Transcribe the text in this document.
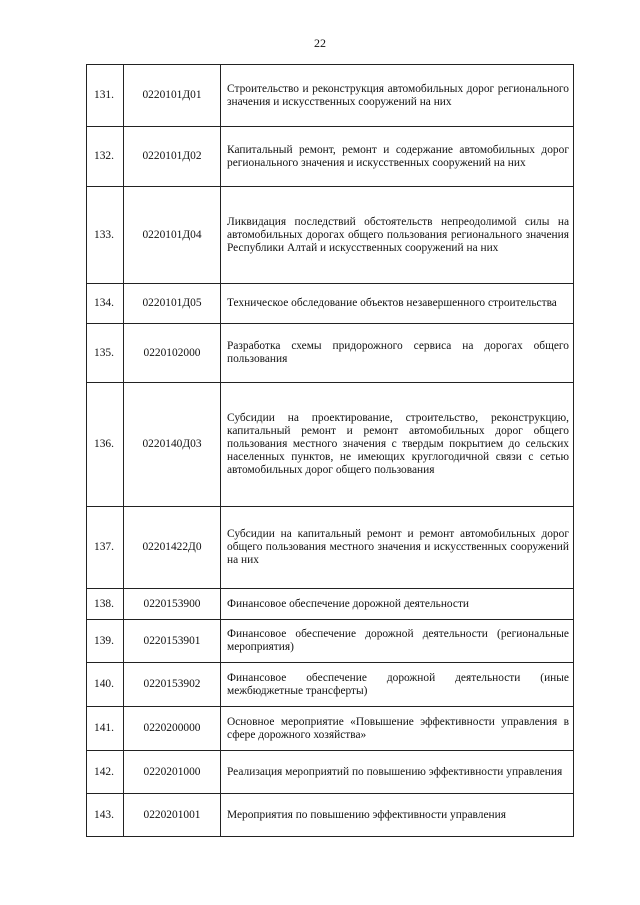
22
131.	0220101Д01	Строительство и реконструкция автомобильных дорог регионального значения и искусственных сооружений на них
132.	0220101Д02	Капитальный ремонт, ремонт и содержание автомобильных дорог регионального значения и искусственных сооружений на них
133.	0220101Д04	Ликвидация последствий обстоятельств непреодолимой силы на автомобильных дорогах общего пользования регионального значения Республики Алтай и искусственных сооружений на них
134.	0220101Д05	Техническое обследование объектов незавершенного строительства
135.	0220102000	Разработка схемы придорожного сервиса на дорогах общего пользования
136.	0220140Д03	Субсидии на проектирование, строительство, реконструкцию, капитальный ремонт и ремонт автомобильных дорог общего пользования местного значения с твердым покрытием до сельских населенных пунктов, не имеющих круглогодичной связи с сетью автомобильных дорог общего пользования
137.	02201422Д0	Субсидии на капитальный ремонт и ремонт автомобильных дорог общего пользования местного значения и искусственных сооружений на них
138.	0220153900	Финансовое обеспечение дорожной деятельности
139.	0220153901	Финансовое обеспечение дорожной деятельности (региональные мероприятия)
140.	0220153902	Финансовое обеспечение дорожной деятельности (иные межбюджетные трансферты)
141.	0220200000	Основное мероприятие «Повышение эффективности управления в сфере дорожного хозяйства»
142.	0220201000	Реализация мероприятий по повышению эффективности управления
143.	0220201001	Мероприятия по повышению эффективности управления
